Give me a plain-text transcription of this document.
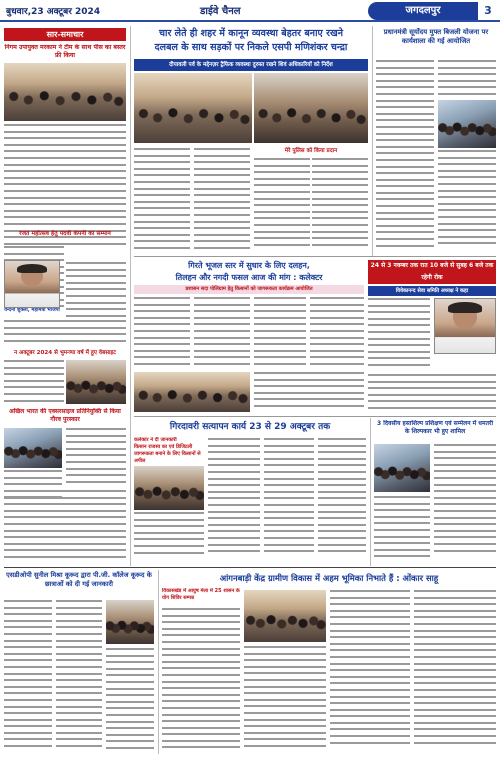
बुधवार,23 अक्टूबर 2024	डाईवे चैनल	जगदलपुर	3
सार-समाचार
निगम उपायुक्त मरकाम ने टीम के साथ पीस का बस्तर फ्री किया
रजत महोत्सव हेतु पदवी कंपनी का सम्मान
वन्दना शुक्ला, महामंत्री भाजपा
न अक्टूबर 2024 से भुमन्त्र्या वर्ष में हुए वेबसाइट
अखिल भारत की एक्सरसाइज प्रतिनियुक्ति से किया गौरव पुरस्कार
चार लेते ही शहर में कानून व्यवस्था बेहतर बनाए रखने
दलबल के साथ सड़कों पर निकले एसपी मणिशंकर चन्द्रा
दीपावली पर्व के मद्देनज़र ट्रैफिक व्यवस्था दुरुस्त रखने शिवं अधिकारियों को निर्देश
मेरे पुलिस को किया प्रदान
प्रधानमंत्री सूर्योदय मुफ्त बिजली योजना पर कार्यशाला की गई आयोजित
गिरते भूजल स्तर में सुधार के लिए दलहन,
तिलहन और नगदी फसल आज की मांग : कलेक्टर
प्रशासन सदा पोलिग्राम हेतु किसानों को जागरूकता कार्यक्रम आयोजित
24 से 3 नवम्बर तक रात 10 बजे से सुबह 6 बजे तक रहेगी रोक
विवेकानन्द सेवा समिति अध्यक्ष ने कहा
गिरदावरी सत्यापन कार्य 23 से 29 अक्टूबर तक
कलेक्टर ने दी जानकारी
किसान राजस्व का एवं डिजिटली जागरूकता बनाने के लिए किसानों से अपील
3 दिवसीय हस्तशिल्प प्रशिक्षण एवं सम्मेलन में धमतरी के शिल्पकार भी हुए शामिल
एसडीओपी सुनील मिश्रा कूरूद द्वारा पी.जी. कॉलेज कूरूद के छात्राओं को दी गई जानकारी
आंगनबाड़ी केंद्र ग्रामीण विकास में अहम भूमिका निभाते हैं : ओंकार साहू
विकासखंड में आयुष मेला में 25 शासन के योग शिविर सम्पन्न
